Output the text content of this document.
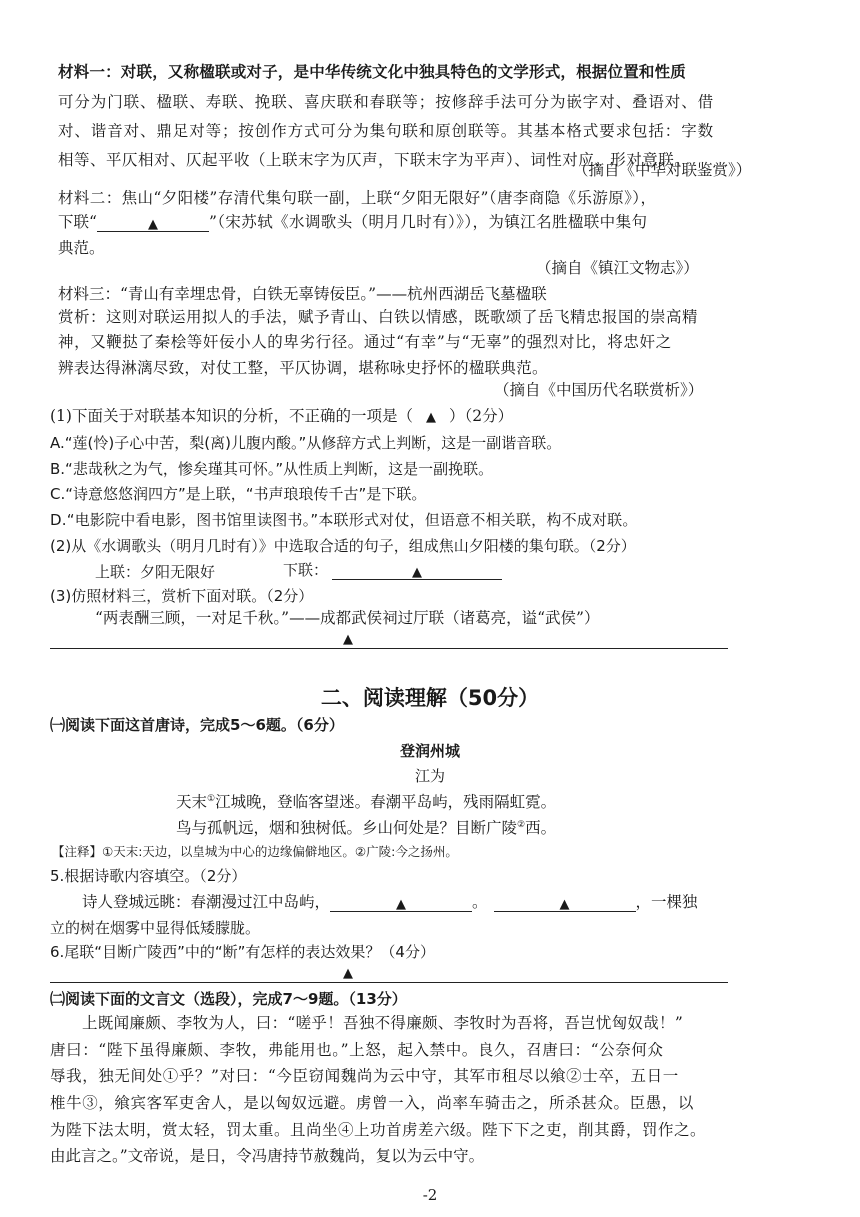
材料一：对联，又称楹联或对子，是中华传统文化中独具特色的文学形式，根据位置和性质
可分为门联、楹联、寿联、挽联、喜庆联和春联等；按修辞手法可分为嵌字对、叠语对、借
对、谐音对、鼎足对等；按创作方式可分为集句联和原创联等。其基本格式要求包括：字数
相等、平仄相对、仄起平收（上联末字为仄声，下联末字为平声）、词性对应、形对意联。
（摘自《中华对联鉴赏》）
材料二：焦山“夕阳楼”存清代集句联一副，上联“夕阳无限好”（唐李商隐《乐游原》），
下联“	▲	”（宋苏轼《水调歌头（明月几时有）》），为镇江名胜楹联中集句
典范。
（摘自《镇江文物志》）
材料三：“青山有幸埋忠骨，白铁无辜铸佞臣。”——杭州西湖岳飞墓楹联
赏析：这则对联运用拟人的手法，赋予青山、白铁以情感，既歌颂了岳飞精忠报国的崇高精
神，又鞭挞了秦桧等奸佞小人的卑劣行径。通过“有幸”与“无辜”的强烈对比，将忠奸之
辨表达得淋漓尽致，对仗工整，平仄协调，堪称咏史抒怀的楹联典范。
（摘自《中国历代名联赏析》）
(1)下面关于对联基本知识的分析，不正确的一项是（ ▲ ）（2分）
A.“莲(怜)子心中苦，梨(离)儿腹内酸。”从修辞方式上判断，这是一副谐音联。
B.“悲哉秋之为气，惨矣瑾其可怀。”从性质上判断，这是一副挽联。
C.“诗意悠悠润四方”是上联，“书声琅琅传千古”是下联。
D.“电影院中看电影，图书馆里读图书。”本联形式对仗，但语意不相关联，构不成对联。
(2)从《水调歌头（明月几时有）》中选取合适的句子，组成焦山夕阳楼的集句联。（2分）
上联：夕阳无限好	下联：	▲
(3)仿照材料三，赏析下面对联。（2分）
“两表酬三顾，一对足千秋。”——成都武侯祠过厅联（诸葛亮，谥“武侯”）
▲
二、阅读理解（50分）
㈠阅读下面这首唐诗，完成5～6题。（6分）
登润州城
江为
天末①江城晚，登临客望迷。春潮平岛屿，残雨隔虹霓。
鸟与孤帆远，烟和独树低。乡山何处是？目断广陵②西。
【注释】①天末:天边，以皇城为中心的边缘偏僻地区。②广陵:今之扬州。
5.根据诗歌内容填空。（2分）
诗人登城远眺：春潮漫过江中岛屿，	▲	。	▲	，一棵独
立的树在烟雾中显得低矮朦胧。
6.尾联“目断广陵西”中的“断”有怎样的表达效果？（4分）
▲
㈡阅读下面的文言文（选段），完成7～9题。（13分）
上既闻廉颇、李牧为人，曰：“嗟乎！吾独不得廉颇、李牧时为吾将，吾岂忧匈奴哉！”
唐曰：“陛下虽得廉颇、李牧，弗能用也。”上怒，起入禁中。良久，召唐曰：“公奈何众
辱我，独无间处①乎？”对曰：“今臣窃闻魏尚为云中守，其军市租尽以飨②士卒，五日一
椎牛③，飨宾客军吏舍人，是以匈奴远避。虏曾一入，尚率车骑击之，所杀甚众。臣愚，以
为陛下法太明，赏太轻，罚太重。且尚坐④上功首虏差六级。陛下下之吏，削其爵，罚作之。
由此言之。”文帝说，是日，令冯唐持节赦魏尚，复以为云中守。
-2
